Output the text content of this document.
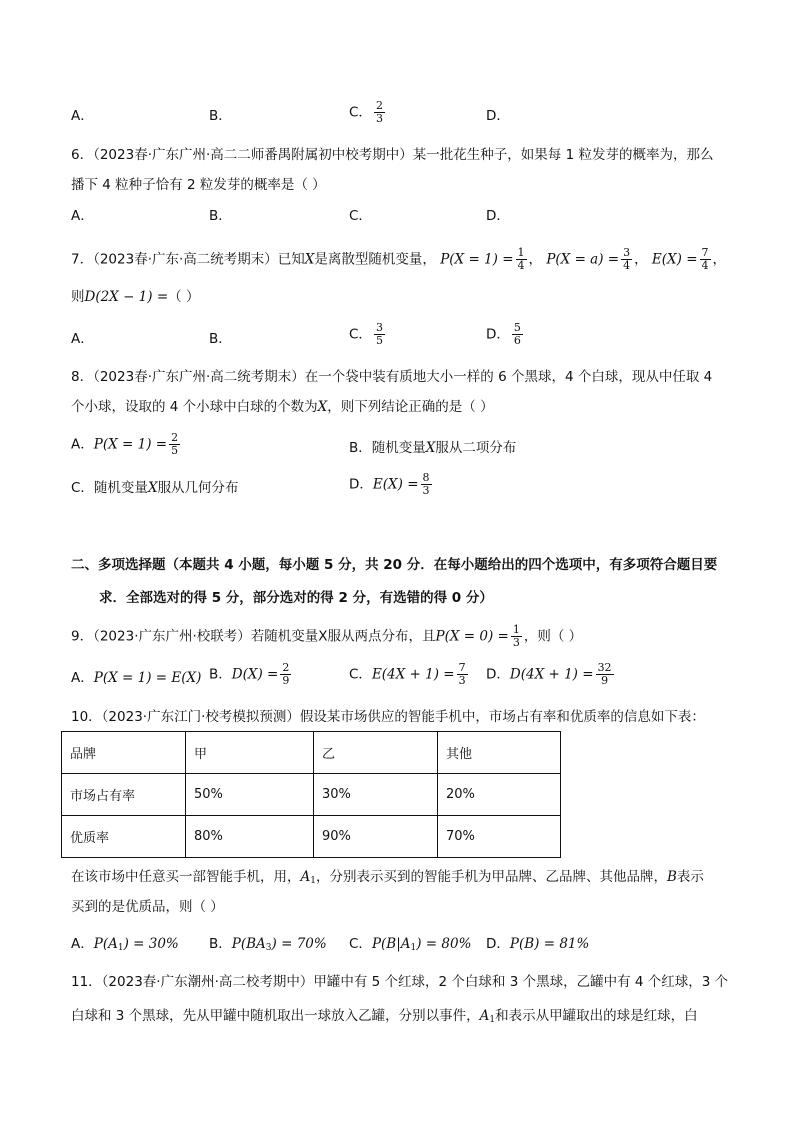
A．	B．	C． $\frac{2}{3}$	D．
6．（2023春·广东广州·高二二师番禺附属初中校考期中）某一批花生种子，如果每 1 粒发芽的概率为，那么
播下 4 粒种子恰有 2 粒发芽的概率是（ ）
A．	B．	C．	D．
7．（2023春·广东·高二统考期末）已知X是离散型随机变量， $P(X = 1) = \frac{1}{4}$ ， $P(X = a) = \frac{3}{4}$ ， $E(X) = \frac{7}{4}$ ，
则D(2X − 1) =（ ）
A．	B．	C． $\frac{3}{5}$	D． $\frac{5}{6}$
8．（2023春·广东广州·高二统考期末）在一个袋中装有质地大小一样的 6 个黑球，4 个白球，现从中任取 4
个小球，设取的 4 个小球中白球的个数为X，则下列结论正确的是（ ）
A．$P(X = 1) = \frac{2}{5}$	B．随机变量X服从二项分布
C．随机变量X服从几何分布	D．$E(X) = \frac{8}{3}$
二、多项选择题（本题共 4 小题，每小题 5 分，共 20 分．在每小题给出的四个选项中，有多项符合题目要
求．全部选对的得 5 分，部分选对的得 2 分，有选错的得 0 分）
9．（2023·广东广州·校联考）若随机变量Ⅹ服从两点分布，且$P(X = 0) = \frac{1}{3}$ ，则（ ）
A．P(X = 1) = E(X) B．$D(X) = \frac{2}{9}$	C．$E(4X + 1) = \frac{7}{3}$ D．$D(4X + 1) = \frac{32}{9}$
10．（2023·广东江门·校考模拟预测）假设某市场供应的智能手机中，市场占有率和优质率的信息如下表：
品牌	甲	乙	其他
市场占有率	50%	30%	20%
优质率	80%	90%	70%
在该市场中任意买一部智能手机，用，$A_1$，分别表示买到的智能手机为甲品牌、乙品牌、其他品牌，B表示
买到的是优质品，则（ ）
A．$P(A_1) = 30\%$ B．$P(BA_3) = 70\%$ C．$P(B|A_1) = 80\%$ D．P(B) = 81%
11．（2023春·广东潮州·高二校考期中）甲罐中有 5 个红球，2 个白球和 3 个黑球，乙罐中有 4 个红球，3 个
白球和 3 个黑球，先从甲罐中随机取出一球放入乙罐，分别以事件，$A_1$和表示从甲罐取出的球是红球，白
